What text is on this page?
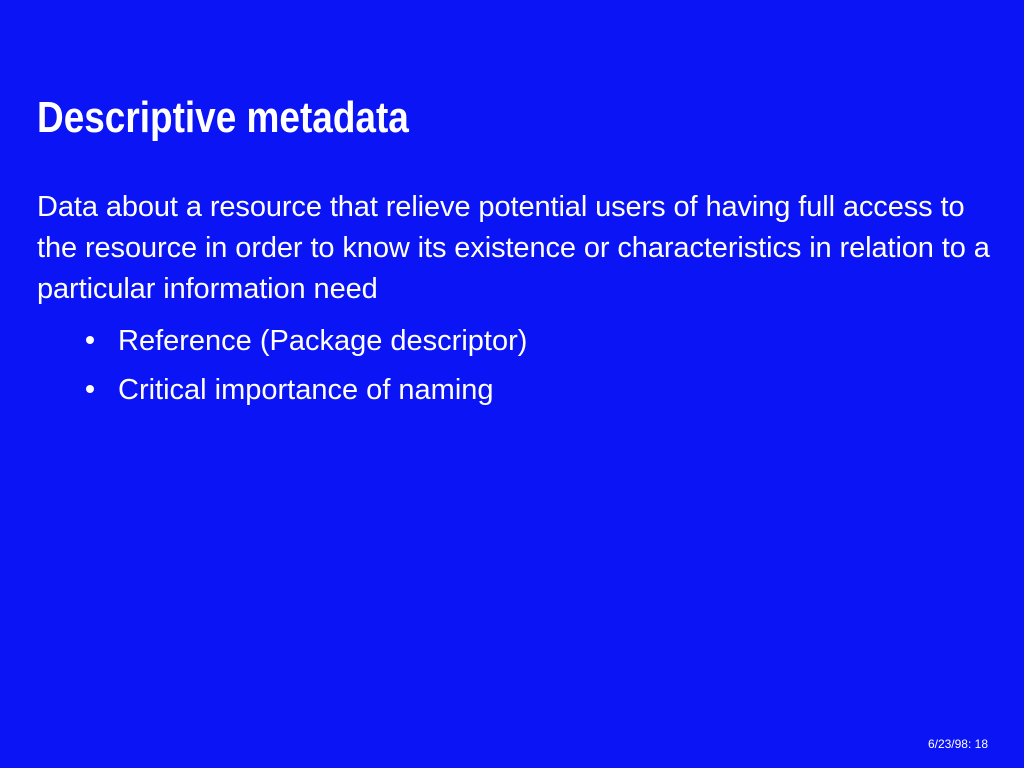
Descriptive metadata

Data about a resource that relieve potential users of having full access to the resource in order to know its existence or characteristics in relation to a particular information need

Reference (Package descriptor)
Critical importance of naming
6/23/98: 18
